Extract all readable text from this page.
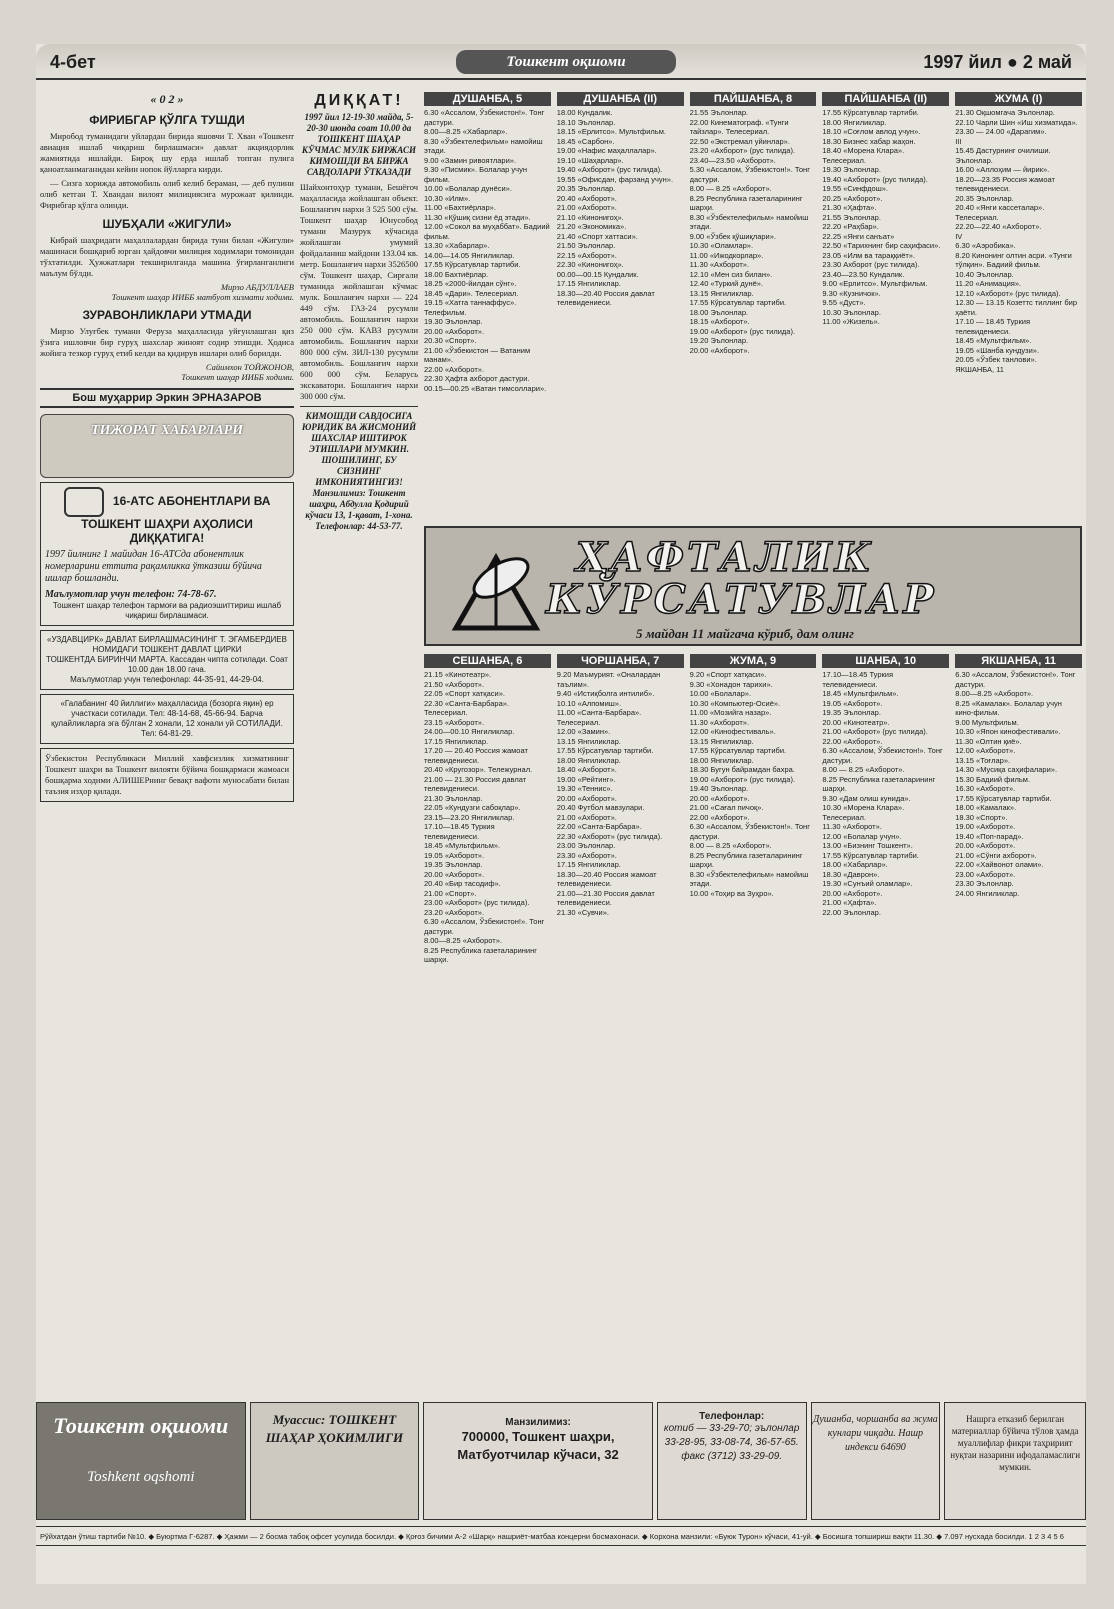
4-бет	Тошкент оқшоми	1997 йил ● 2 май
« 0 2 »
ФИРИБГАР ҚЎЛГА ТУШДИ

Миробод туманидаги уйлардан бирида яшовчи Т. Хван «Тошкент авиация ишлаб чиқариш бирлашмаси» давлат акциядорлик жамиятида ишлайди. Бироқ шу ерда ишлаб топган пулига қаноатланмаганидан кейин нопок йўлларга кирди.

— Сизга хорижда автомобиль олиб келиб бераман, — деб пулини олиб кетган Т. Хвандан вилоят милициясига мурожаат қилинди. Фирибгар қўлга олинди.

ШУБҲАЛИ «ЖИГУЛИ»

Кибрай шаҳридаги маҳаллалардан бирида туни билан «Жигули» машинаси бошқариб юрган ҳайдовчи милиция ходимлари томонидан тўхтатилди. Ҳужжатлари текширилганда машина ўғирланганлиги маълум бўлди.

Мирзо АБДУЛЛАЕВ
Тошкент шаҳар ИИББ матбуот хизмати ходими.
ЗУРАВОНЛИКЛАРИ УТМАДИ

Мирзо Улуғбек тумани Феруза маҳалласида уйғунлашган қиз ўзига ишловчи бир гуруҳ шахслар жиноят содир этишди. Ҳодиса жойига тезкор гуруҳ етиб келди ва қидирув ишлари олиб борилди.

Сайимхон ТОЙЖОНОВ,
Тошкент шаҳар ИИББ ходими.
Бош муҳаррир Эркин ЭРНАЗАРОВ
ТИЖОРАТ ХАБАРЛАРИ
16-АТС АБОНЕНТЛАРИ ВА ТОШКЕНТ ШАҲРИ АҲОЛИСИ ДИҚҚАТИГА!
1997 йилнинг 1 майидан 16-АТСда абонентлик номерларини еттита рақамликка ўтказиш бўйича ишлар бошланди.
Маълумотлар учун телефон: 74-78-67.
Тошкент шаҳар телефон тармоғи ва радиоэшиттириш ишлаб чиқариш бирлашмаси.
«УЗДАВЦИРК» ДАВЛАТ БИРЛАШМАСИНИНГ Т. ЭГАМБЕРДИЕВ НОМИДАГИ ТОШКЕНТ ДАВЛАТ ЦИРКИ
ТОШКЕНТДА БИРИНЧИ МАРТА. Кассадан чипта сотилади. Соат 10.00 дан 18.00 гача.
Маълумотлар учун телефонлар: 44-35-91, 44-29-04.
«Галабанинг 40 йиллиги» маҳалласида (бозорга яқин) ер участкаси сотилади. Тел: 48-14-68, 45-66-94. Барча қулайликларга эга бўлган 2 хонали, 12 хонали уй СОТИЛАДИ. Тел: 64-81-29.
Ўзбекистон Республикаси Миллий хавфсизлик хизматининг Тошкент шаҳри ва Тошкент вилояти бўйича бошқармаси жамоаси бошқарма ходими АЛИШЕРнинг бевақт вафоти муносабати билан таъзия изҳор қилади.
ДИҚҚАТ!
1997 йил 12-19-30 майда, 5-20-30 июнда соат 10.00 да ТОШКЕНТ ШАҲАР КЎЧМАС МУЛК БИРЖАСИ КИМОШДИ ВА БИРЖА САВДОЛАРИ ЎТКАЗАДИ
Шайхонтоҳур тумани, Бешёғоч маҳалласида жойлашган объект. Бошланғич нархи 3 525 500 сўм. Тошкент шаҳар Юнусобод тумани Мазурук кўчасида жойлашган умумий фойдаланиш майдони 133.04 кв. метр. Бошланғич нархи 3526500 сўм. Тошкент шаҳар, Сирғали туманида жойлашган кўчмас мулк. Бошланғич нархи — 224 449 сўм. ГАЗ-24 русумли автомобиль. Бошланғич нархи 250 000 сўм. КАВЗ русумли автомобиль. Бошланғич нархи 800 000 сўм. ЗИЛ-130 русумли автомобиль. Бошланғич нархи 600 000 сўм. Беларусь экскаватори. Бошланғич нархи 300 000 сўм.
КИМОШДИ САВДОСИГА ЮРИДИК ВА ЖИСМОНИЙ ШАХСЛАР ИШТИРОК ЭТИШЛАРИ МУМКИН. ШОШИЛИНГ, БУ СИЗНИНГ ИМКОНИЯТИНГИЗ! Манзилимиз: Тошкент шаҳри, Абдулла Қодирий кўчаси 13, 1-қават, 1-хона. Телефонлар: 44-53-77.
ДУШАНБА, 5
6.30 «Ассалом, Ўзбекистон!». Тонг дастури.
8.00—8.25 «Хабарлар».
8.30 «Ўзбектелефильм» намойиш этади.
9.00 «Замин ривоятлари».
9.30 «Писмик». Болалар учун фильм.
10.00 «Болалар дунёси».
10.30 «Илм».
11.00 «Бахтиёрлар».
11.30 «Қўшиқ сизни ёд этади».
12.00 «Сокол ва муҳаббат». Бадиий фильм.
13.30 «Хабарлар».
14.00—14.05 Янгиликлар.
17.55 Кўрсатувлар тартиби.
18.00 Бахтиёрлар.
18.25 «2000-йилдан сўнг».
18.45 «Дари». Телесериал.
19.15 «Хатга таннаффус». Телефильм.
19.30 Эълонлар.
20.00 «Ахборот».
20.30 «Спорт».
21.00 «Ўзбекистон — Ватаним манам».
22.00 «Ахборот».
22.30 Ҳафта ахборот дастури.
00.15—00.25 «Ватан тимсоллари».
ДУШАНБА (II)
18.00 Кундалик.
18.10 Эълонлар.
18.15 «Ерлитсо». Мультфильм.
18.45 «Сарбон».
19.00 «Нафис маҳаллалар».
19.10 «Шаҳарлар».
19.40 «Ахборот» (рус тилида).
19.55 «Офисдан, фарзанд учун».
20.35 Эълонлар.
20.40 «Ахборот».
21.00 «Ахборот».
21.10 «Кинонигоҳ».
21.20 «Экономика».
21.40 «Спорт хаттаси».
21.50 Эълонлар.
22.15 «Ахборот».
22.30 «Кинонигоҳ».
00.00—00.15 Кундалик.
17.15 Янгиликлар.
18.30—20.40 Россия давлат телевидениеси.
ПАЙШАНБА, 8
21.55 Эълонлар.
22.00 Кинематограф. «Тунги тайзлар». Телесериал.
22.50 «Экстремал уйинлар».
23.20 «Ахборот» (рус тилида).
23.40—23.50 «Ахборот».
5.30 «Ассалом, Ўзбекистон!». Тонг дастури.
8.00 — 8.25 «Ахборот».
8.25 Республика газеталарининг шарҳи.
8.30 «Ўзбектелефильм» намойиш этади.
9.00 «Ўзбек қўшиқлари».
10.30 «Оламлар».
11.00 «Ижодкорлар».
11.30 «Ахборот».
12.10 «Мен сиз билан».
12.40 «Туркий дунё».
13.15 Янгиликлар.
17.55 Кўрсатувлар тартиби.
18.00 Эълонлар.
18.15 «Ахборот».
19.00 «Ахборот» (рус тилида).
19.20 Эълонлар.
20.00 «Ахборот».
ПАЙШАНБА (II)
17.55 Кўрсатувлар тартиби.
18.00 Янгиликлар.
18.10 «Соғлом авлод учун».
18.30 Бизнес хабар жаҳон.
18.40 «Морена Клара». Телесериал.
19.30 Эълонлар.
19.40 «Ахборот» (рус тилида).
19.55 «Синфдош».
20.25 «Ахборот».
21.30 «Ҳафта».
21.55 Эълонлар.
22.20 «Раҳбар».
22.25 «Янги санъат»
22.50 «Тарихнинг бир саҳифаси».
23.05 «Илм ва тараққиёт».
23.30 Ахборот (рус тилида).
23.40—23.50 Кундалик.
9.00 «Ерлитсо». Мультфильм.
9.30 «Кузничок».
9.55 «Дуст».
10.30 Эълонлар.
11.00 «Жизель».
ЖУМА (I)
21.30 Оқшомгача Эълонлар.
22.10 Чарли Шин «Иш хизматида».
23.30 — 24.00 «Дарагим».
III
15.45 Дастурнинг очилиши. Эълонлар.
16.00 «Аллоҳим — йирик».
18.20—23.35 Россия жамоат телевидениеси.
20.35 Эълонлар.
20.40 «Янги кассеталар». Телесериал.
22.20—22.40 «Ахборот».
IV
6.30 «Аэробика».
8.20 Кинонинг олтин асри. «Тунги тўлқин». Бадиий фильм.
10.40 Эълонлар.
11.20 «Анимация».
12.10 «Ахборот» (рус тилида).
12.30 — 13.15 Козеттс тиллинг бир ҳаёти.
17.10 — 18.45 Туркия телевидениеси.
18.45 «Мультфильм».
19.05 «Шанба кундузи».
20.05 «Ўзбек танлови».
ЯКШАНБА, 11
ҲАФТАЛИК
КЎРСАТУВЛАР
5 майдан 11 майгача кўриб, дам олинг
СЕШАНБА, 6
21.15 «Кинотеатр».
21.50 «Ахборот».
22.05 «Спорт хатқаси».
22.30 «Санта-Барбара». Телесериал.
23.15 «Ахборот».
24.00—00.10 Янгиликлар.
17.15 Янгиликлар.
17.20 — 20.40 Россия жамоат телевидениеси.
20.40 «Кругозор». Тележурнал.
21.00 — 21.30 Россия давлат телевидениеси.
21.30 Эълонлар.
22.05 «Кундузги сабоқлар».
23.15—23.20 Янгиликлар.
17.10—18.45 Туркия телевидениеси.
18.45 «Мультфильм».
19.05 «Ахборот».
19.35 Эълонлар.
20.00 «Ахборот».
20.40 «Бир тасодиф».
21.00 «Спорт».
23.00 «Ахборот» (рус тилида).
23.20 «Ахборот».
6.30 «Ассалом, Ўзбекистон!». Тонг дастури.
8.00—8.25 «Ахборот».
8.25 Республика газеталарининг шарҳи.
ЧОРШАНБА, 7
9.20 Маъмурият. «Оналардан таълим».
9.40 «Истиқболга интилиб».
10.10 «Алпомиш».
11.00 «Санта-Барбара». Телесериал.
12.00 «Замин».
13.15 Янгиликлар.
17.55 Кўрсатувлар тартиби.
18.00 Янгиликлар.
18.40 «Ахборот».
19.00 «Рейтинг».
19.30 «Теннис».
20.00 «Ахборот».
20.40 Футбол мавзулари.
21.00 «Ахборот».
22.00 «Санта-Барбара».
22.30 «Ахборот» (рус тилида).
23.00 Эълонлар.
23.30 «Ахборот».
17.15 Янгиликлар.
18.30—20.40 Россия жамоат телевидениеси.
21.00—21.30 Россия давлат телевидениеси.
21.30 «Сувчи».
ЖУМА, 9
9.20 «Спорт хатқаси».
9.30 «Хонадон тарихи».
10.00 «Болалар».
10.30 «Компьютер-Осиё».
11.00 «Мозийга назар».
11.30 «Ахборот».
12.00 «Кинофестиваль».
13.15 Янгиликлар.
17.55 Кўрсатувлар тартиби.
18.00 Янгиликлар.
18.30 Бугун байрамдан бахра.
19.00 «Ахборот» (рус тилида).
19.40 Эълонлар.
20.00 «Ахборот».
21.00 «Сағал пичоқ».
22.00 «Ахборот».
6.30 «Ассалом, Ўзбекистон!». Тонг дастури.
8.00 — 8.25 «Ахборот».
8.25 Республика газеталарининг шарҳи.
8.30 «Ўзбектелефильм» намойиш этади.
10.00 «Тоҳир ва Зуҳро».
ШАНБА, 10
17.10—18.45 Туркия телевидениеси.
18.45 «Мультфильм».
19.05 «Ахборот».
19.35 Эълонлар.
20.00 «Кинотеатр».
21.00 «Ахборот» (рус тилида).
22.00 «Ахборот».
6.30 «Ассалом, Ўзбекистон!». Тонг дастури.
8.00 — 8.25 «Ахборот».
8.25 Республика газеталарининг шарҳи.
9.30 «Дам олиш кунида».
10.30 «Морена Клара». Телесериал.
11.30 «Ахборот».
12.00 «Болалар учун».
13.00 «Бизнинг Тошкент».
17.55 Кўрсатувлар тартиби.
18.00 «Хабарлар».
18.30 «Даврон».
19.30 «Сунъий оламлар».
20.00 «Ахборот».
21.00 «Ҳафта».
22.00 Эълонлар.
ЯКШАНБА, 11
6.30 «Ассалом, Ўзбекистон!». Тонг дастури.
8.00—8.25 «Ахборот».
8.25 «Камалак». Болалар учун кино-фильм.
9.00 Мультфильм.
10.30 «Япон кинофестивали».
11.30 «Олтин қиё».
12.00 «Ахборот».
13.15 «Тоғлар».
14.30 «Мусиқа саҳифалари».
15.30 Бадиий фильм.
16.30 «Ахборот».
17.55 Кўрсатувлар тартиби.
18.00 «Камалак».
18.30 «Спорт».
19.00 «Ахборот».
19.40 «Поп-парад».
20.00 «Ахборот».
21.00 «Сўнги ахборот».
22.00 «Хайвонот олами».
23.00 «Ахборот».
23.30 Эълонлар.
24.00 Янгиликлар.
Тошкент оқшоми
Toshkent oqshomi
Муассис: ТОШКЕНТ ШАҲАР ҲОКИМЛИГИ
Манзилимиз:
700000, Тошкент шаҳри, Матбуотчилар кўчаси, 32
Телефонлар:
котиб — 33-29-70; эълонлар 33-28-95, 33-08-74, 36-57-65. факс (3712) 33-29-09.
Душанба, чоршанба ва жума кунлари чиқади. Нашр индекси 64690
Нашрга етказиб берилган материаллар бўйича тўлов ҳамда муаллифлар фикри таҳририят нуқтаи назарини ифодаламаслиги мумкин.
Рўйхатдан ўтиш тартиби №10. ◆ Буюртма Г-6287. ◆ Ҳажми — 2 босма табоқ офсет усулида босилди. ◆ Қоғоз бичими А-2 «Шарқ» нашриёт-матбаа концерни босмахонаси. ◆ Корхона манзили: «Буюк Турон» кўчаси, 41-уй. ◆ Босишга топшириш вақти 11.30. ◆ 7.097 нусхада босилди. 1 2 3 4 5 6
